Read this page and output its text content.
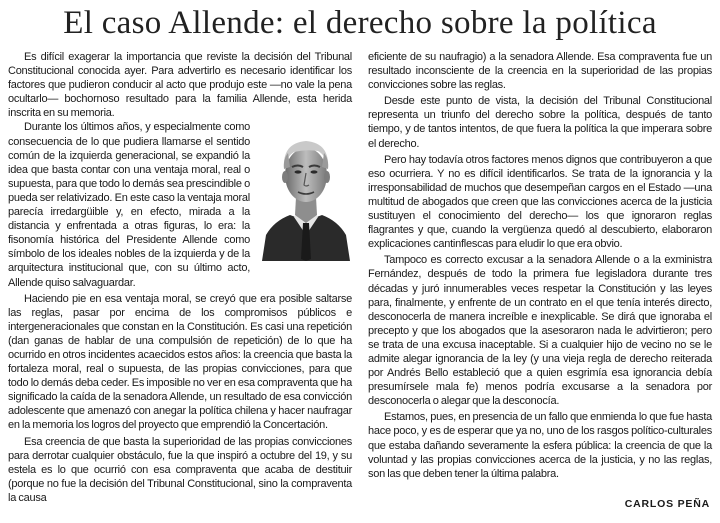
El caso Allende: el derecho sobre la política

Es difícil exagerar la importancia que reviste la decisión del Tribunal Constitucional conocida ayer. Para advertirlo es necesario identificar los factores que pudieron conducir al acto que produjo este —no vale la pena ocultarlo— bochornoso resultado para la familia Allende, esta herida inscrita en su memoria.

Durante los últimos años, y especialmente como consecuencia de lo que pudiera llamarse el sentido común de la izquierda generacional, se expandió la idea que basta contar con una ventaja moral, real o supuesta, para que todo lo demás sea prescindible o pueda ser relativizado. En este caso la ventaja moral parecía irredargüible y, en efecto, mirada a la distancia y enfrentada a otras figuras, lo era: la fisonomía histórica del Presidente Allende como símbolo de los ideales nobles de la izquierda y de la arquitectura institucional que, con su último acto, Allende quiso salvaguardar.

Haciendo pie en esa ventaja moral, se creyó que era posible saltarse las reglas, pasar por encima de los compromisos públicos e intergeneracionales que constan en la Constitución. Es casi una repetición (dan ganas de hablar de una compulsión de repetición) de lo que ha ocurrido en otros incidentes acaecidos estos años: la creencia que basta la fortaleza moral, real o supuesta, de las propias convicciones, para que todo lo demás deba ceder. Es imposible no ver en esa compraventa que ha significado la caída de la senadora Allende, un resultado de esa convicción adolescente que amenazó con anegar la política chilena y hacer naufragar en la memoria los logros del proyecto que emprendió la Concertación.

Esa creencia de que basta la superioridad de las propias convicciones para derrotar cualquier obstáculo, fue la que inspiró a octubre del 19, y su estela es lo que ocurrió con esa compraventa que acaba de destituir (porque no fue la decisión del Tribunal Constitucional, sino la compraventa la causa

eficiente de su naufragio) a la senadora Allende. Esa compraventa fue un resultado inconsciente de la creencia en la superioridad de las propias convicciones sobre las reglas.

Desde este punto de vista, la decisión del Tribunal Constitucional representa un triunfo del derecho sobre la política, después de tanto tiempo, y de tantos intentos, de que fuera la política la que imperara sobre el derecho.

Pero hay todavía otros factores menos dignos que contribuyeron a que eso ocurriera. Y no es difícil identificarlos. Se trata de la ignorancia y la irresponsabilidad de muchos que desempeñan cargos en el Estado —una multitud de abogados que creen que las convicciones acerca de la justicia sustituyen el conocimiento del derecho— los que ignoraron reglas flagrantes y que, cuando la vergüenza quedó al descubierto, elaboraron explicaciones cantinflescas para eludir lo que era obvio.

Tampoco es correcto excusar a la senadora Allende o a la exministra Fernández, después de todo la primera fue legisladora durante tres décadas y juró innumerables veces respetar la Constitución y las leyes para, finalmente, y enfrente de un contrato en el que tenía interés directo, desconocerla de manera increíble e inexplicable. Se dirá que ignoraba el precepto y que los abogados que la asesoraron nada le advirtieron; pero se trata de una excusa inaceptable. Si a cualquier hijo de vecino no se le admite alegar ignorancia de la ley (y una vieja regla de derecho reiterada por Andrés Bello estableció que a quien esgrimía esa ignorancia debía presumírsele mala fe) menos podría excusarse a la senadora por desconocerla o alegar que la desconocía.

Estamos, pues, en presencia de un fallo que enmienda lo que fue hasta hace poco, y es de esperar que ya no, uno de los rasgos político-culturales que estaba dañando severamente la esfera pública: la creencia de que la voluntad y las propias convicciones acerca de la justicia, y no las reglas, son las que deben tener la última palabra.

CARLOS PEÑA
